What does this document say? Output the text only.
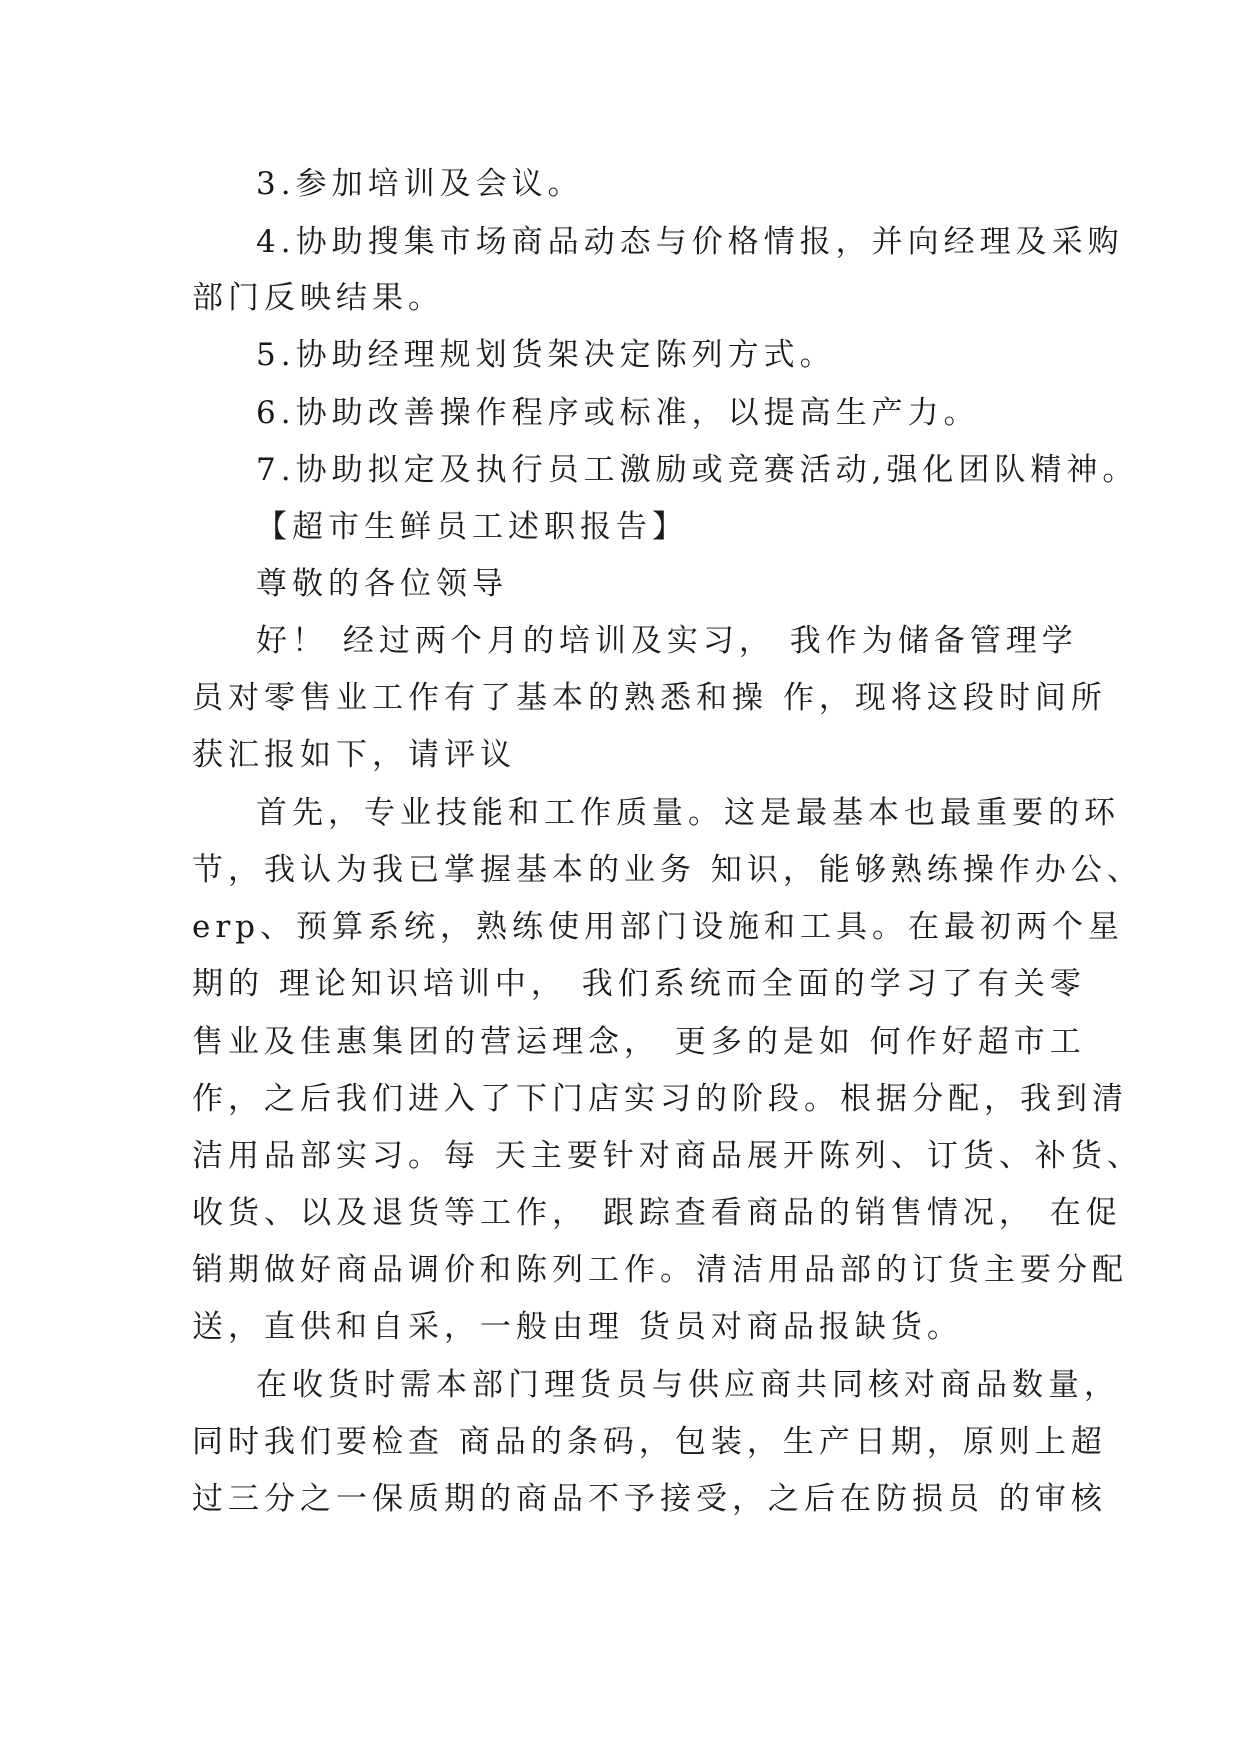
3.参加培训及会议。
4.协助搜集市场商品动态与价格情报，并向经理及采购
部门反映结果。
5.协助经理规划货架决定陈列方式。
6.协助改善操作程序或标准，以提高生产力。
7.协助拟定及执行员工激励或竞赛活动,强化团队精神。
【超市生鲜员工述职报告】
尊敬的各位领导
好！ 经过两个月的培训及实习， 我作为储备管理学
员对零售业工作有了基本的熟悉和操 作，现将这段时间所
获汇报如下，请评议
首先，专业技能和工作质量。这是最基本也最重要的环
节，我认为我已掌握基本的业务 知识，能够熟练操作办公、
erp、预算系统，熟练使用部门设施和工具。在最初两个星
期的 理论知识培训中， 我们系统而全面的学习了有关零
售业及佳惠集团的营运理念， 更多的是如 何作好超市工
作，之后我们进入了下门店实习的阶段。根据分配，我到清
洁用品部实习。每 天主要针对商品展开陈列、订货、补货、
收货、以及退货等工作， 跟踪查看商品的销售情况， 在促
销期做好商品调价和陈列工作。清洁用品部的订货主要分配
送，直供和自采，一般由理 货员对商品报缺货。
在收货时需本部门理货员与供应商共同核对商品数量，
同时我们要检查 商品的条码，包装，生产日期，原则上超
过三分之一保质期的商品不予接受，之后在防损员 的审核
